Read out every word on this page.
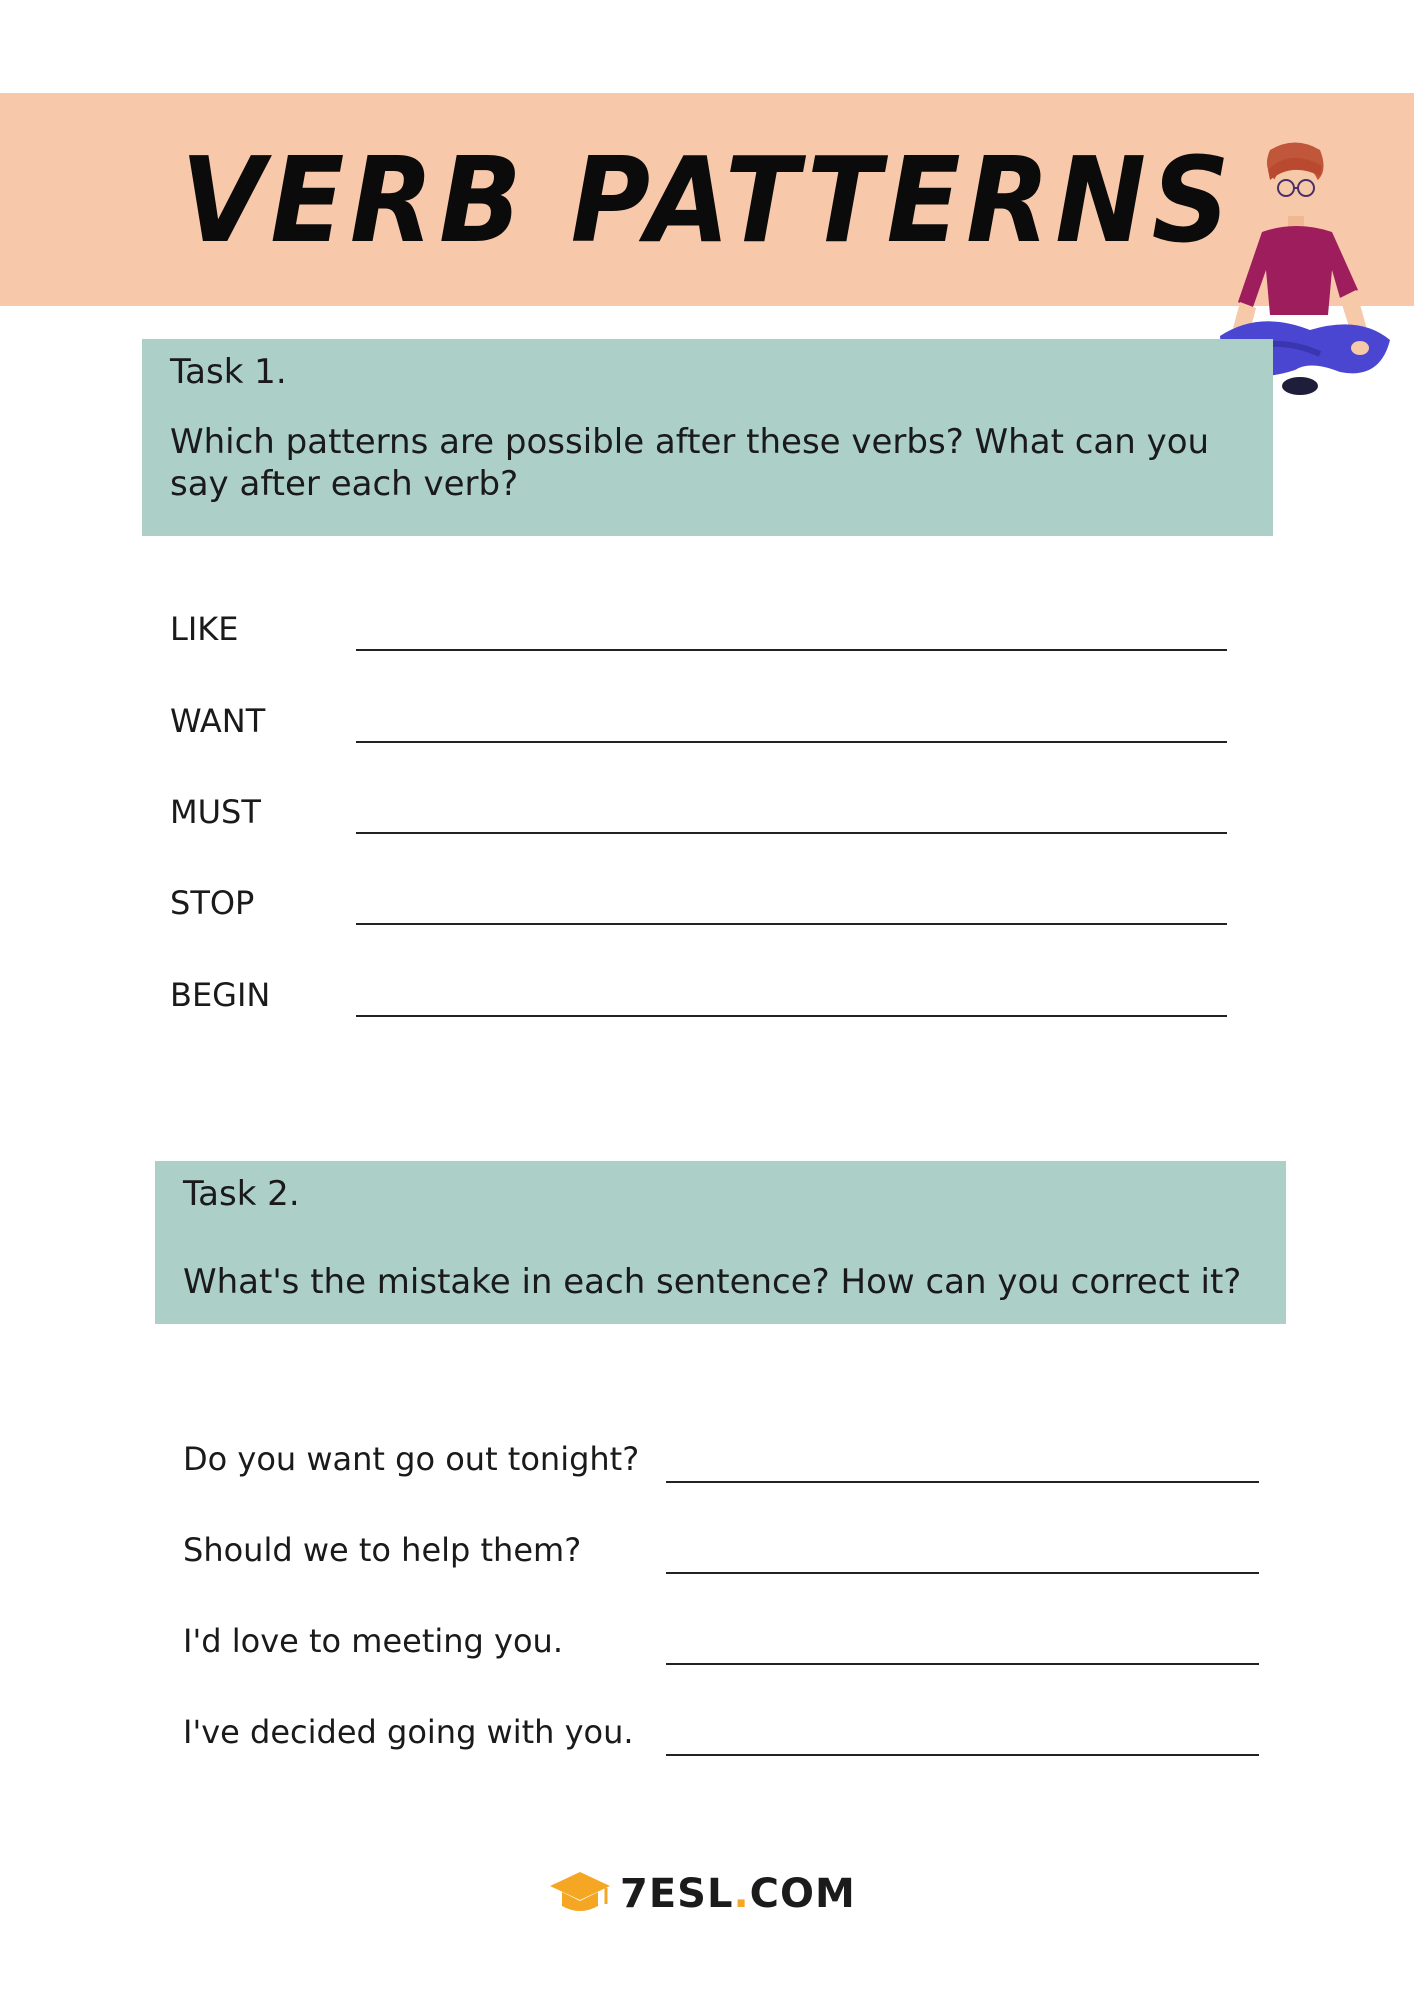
VERB PATTERNS
Task 1.
Which patterns are possible after these verbs? What can you say after each verb?
LIKE
WANT
MUST
STOP
BEGIN
Task 2.
What's the mistake in each sentence? How can you correct it?
Do you want go out tonight?
Should we to help them?
I'd love to meeting you.
I've decided going with you.
7ESL.COM
